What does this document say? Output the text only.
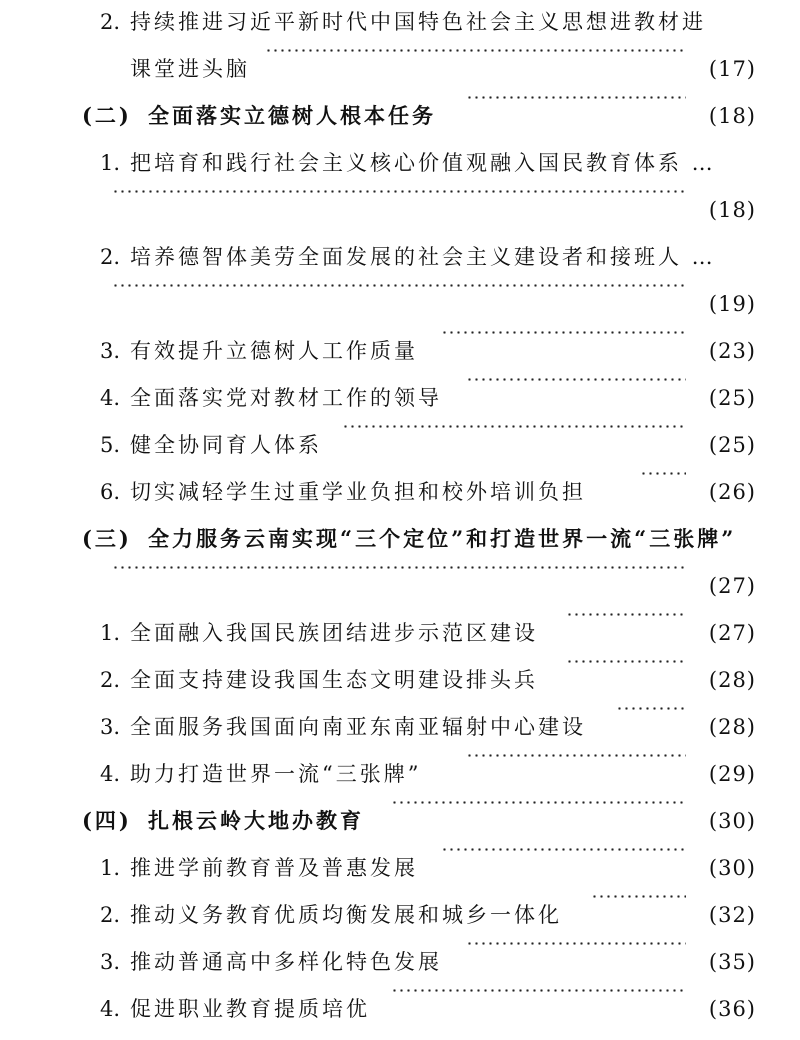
2. 持续推进习近平新时代中国特色社会主义思想进教材进
课堂进头脑	(17)
(二) 全面落实立德树人根本任务	(18)
1. 把培育和践行社会主义核心价值观融入国民教育体系 …
(18)
2. 培养德智体美劳全面发展的社会主义建设者和接班人 …
(19)
3. 有效提升立德树人工作质量	(23)
4. 全面落实党对教材工作的领导	(25)
5. 健全协同育人体系	(25)
6. 切实减轻学生过重学业负担和校外培训负担	(26)
(三) 全力服务云南实现“三个定位”和打造世界一流“三张牌”
(27)
1. 全面融入我国民族团结进步示范区建设	(27)
2. 全面支持建设我国生态文明建设排头兵	(28)
3. 全面服务我国面向南亚东南亚辐射中心建设	(28)
4. 助力打造世界一流“三张牌”	(29)
(四) 扎根云岭大地办教育	(30)
1. 推进学前教育普及普惠发展	(30)
2. 推动义务教育优质均衡发展和城乡一体化	(32)
3. 推动普通高中多样化特色发展	(35)
4. 促进职业教育提质培优	(36)
